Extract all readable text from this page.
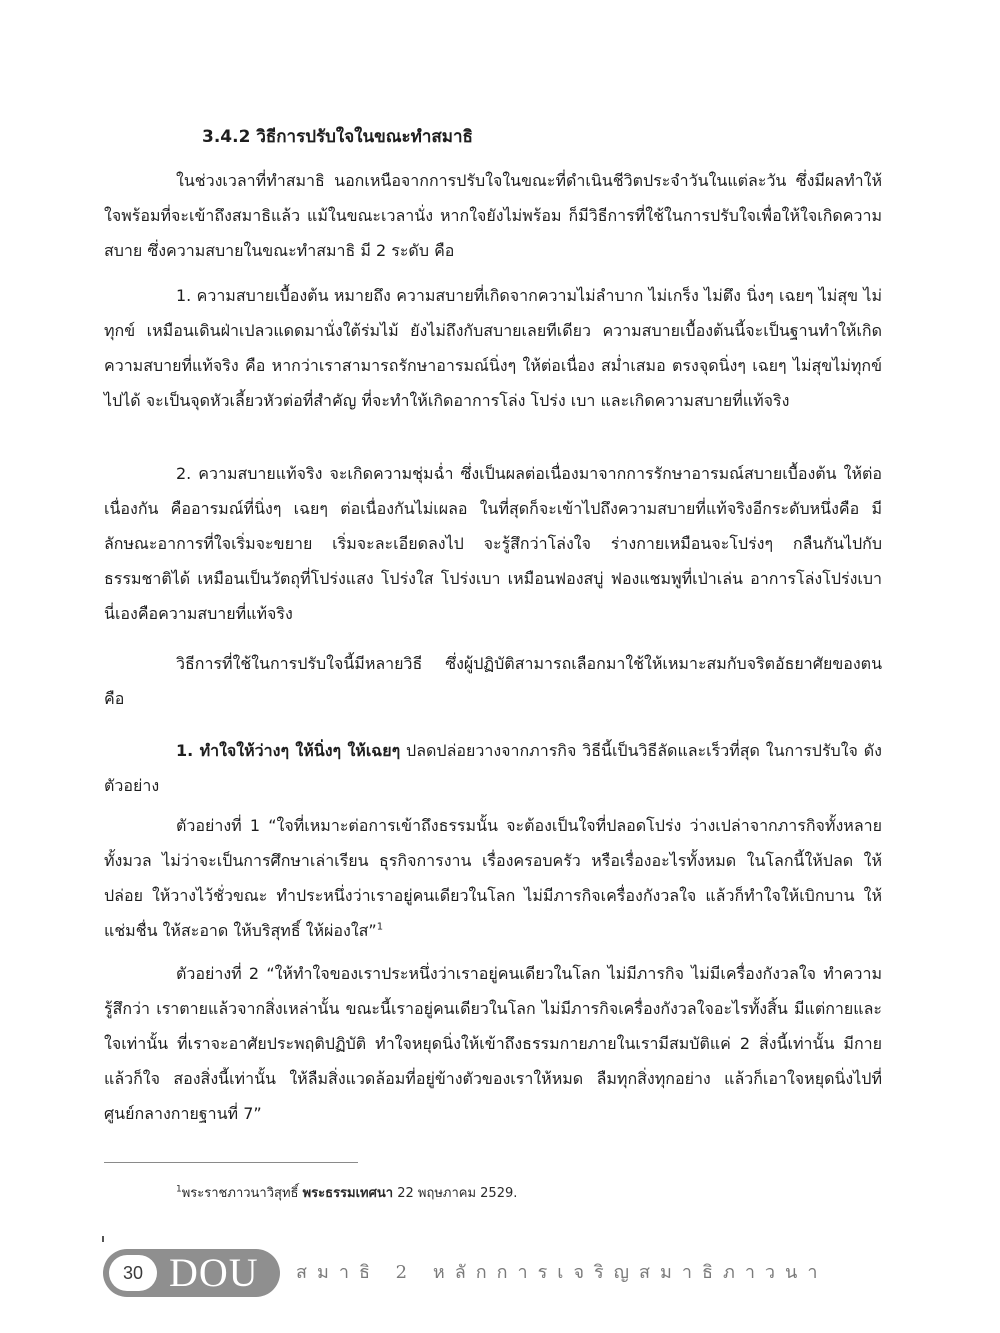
3.4.2 วิธีการปรับใจในขณะทำสมาธิ
ในช่วงเวลาที่ทำสมาธิ นอกเหนือจากการปรับใจในขณะที่ดำเนินชีวิตประจำวันในแต่ละวัน ซึ่งมีผลทำให้ใจพร้อมที่จะเข้าถึงสมาธิแล้ว แม้ในขณะเวลานั่ง หากใจยังไม่พร้อม ก็มีวิธีการที่ใช้ในการปรับใจเพื่อให้ใจเกิดความสบาย ซึ่งความสบายในขณะทำสมาธิ มี 2 ระดับ คือ
1. ความสบายเบื้องต้น หมายถึง ความสบายที่เกิดจากความไม่ลำบาก ไม่เกร็ง ไม่ตึง นิ่งๆ เฉยๆ ไม่สุข ไม่ทุกข์ เหมือนเดินฝ่าเปลวแดดมานั่งใต้ร่มไม้ ยังไม่ถึงกับสบายเลยทีเดียว ความสบายเบื้องต้นนี้จะเป็นฐานทำให้เกิดความสบายที่แท้จริง คือ หากว่าเราสามารถรักษาอารมณ์นิ่งๆ ให้ต่อเนื่อง สม่ำเสมอ ตรงจุดนิ่งๆ เฉยๆ ไม่สุขไม่ทุกข์ไปได้ จะเป็นจุดหัวเลี้ยวหัวต่อที่สำคัญ ที่จะทำให้เกิดอาการโล่ง โปร่ง เบา และเกิดความสบายที่แท้จริง
2. ความสบายแท้จริง จะเกิดความชุ่มฉ่ำ ซึ่งเป็นผลต่อเนื่องมาจากการรักษาอารมณ์สบายเบื้องต้น ให้ต่อเนื่องกัน คืออารมณ์ที่นิ่งๆ เฉยๆ ต่อเนื่องกันไม่เผลอ ในที่สุดก็จะเข้าไปถึงความสบายที่แท้จริงอีกระดับหนึ่งคือ มีลักษณะอาการที่ใจเริ่มจะขยาย เริ่มจะละเอียดลงไป จะรู้สึกว่าโล่งใจ ร่างกายเหมือนจะโปร่งๆ กลืนกันไปกับธรรมชาติได้ เหมือนเป็นวัตถุที่โปร่งแสง โปร่งใส โปร่งเบา เหมือนฟองสบู่ ฟองแชมพูที่เป่าเล่น อาการโล่งโปร่งเบา นี่เองคือความสบายที่แท้จริง
วิธีการที่ใช้ในการปรับใจนี้มีหลายวิธี ซึ่งผู้ปฏิบัติสามารถเลือกมาใช้ให้เหมาะสมกับจริตอัธยาศัยของตน คือ
1. ทำใจให้ว่างๆ ให้นิ่งๆ ให้เฉยๆ ปลดปล่อยวางจากภารกิจ วิธีนี้เป็นวิธีลัดและเร็วที่สุด ในการปรับใจ ดังตัวอย่าง
ตัวอย่างที่ 1 “ใจที่เหมาะต่อการเข้าถึงธรรมนั้น จะต้องเป็นใจที่ปลอดโปร่ง ว่างเปล่าจากภารกิจทั้งหลายทั้งมวล ไม่ว่าจะเป็นการศึกษาเล่าเรียน ธุรกิจการงาน เรื่องครอบครัว หรือเรื่องอะไรทั้งหมด ในโลกนี้ให้ปลด ให้ปล่อย ให้วางไว้ชั่วขณะ ทำประหนึ่งว่าเราอยู่คนเดียวในโลก ไม่มีภารกิจเครื่องกังวลใจ แล้วก็ทำใจให้เบิกบาน ให้แช่มชื่น ให้สะอาด ให้บริสุทธิ์ ให้ผ่องใส”$^1$
ตัวอย่างที่ 2 “ให้ทำใจของเราประหนึ่งว่าเราอยู่คนเดียวในโลก ไม่มีภารกิจ ไม่มีเครื่องกังวลใจ ทำความรู้สึกว่า เราตายแล้วจากสิ่งเหล่านั้น ขณะนี้เราอยู่คนเดียวในโลก ไม่มีภารกิจเครื่องกังวลใจอะไรทั้งสิ้น มีแต่กายและใจเท่านั้น ที่เราจะอาศัยประพฤติปฏิบัติ ทำใจหยุดนิ่งให้เข้าถึงธรรมกายภายในเรามีสมบัติแค่ 2 สิ่งนี้เท่านั้น มีกายแล้วก็ใจ สองสิ่งนี้เท่านั้น ให้ลืมสิ่งแวดล้อมที่อยู่ข้างตัวของเราให้หมด ลืมทุกสิ่งทุกอย่าง แล้วก็เอาใจหยุดนิ่งไปที่ศูนย์กลางกายฐานที่ 7”
$^1$พระราชภาวนาวิสุทธิ์ พระธรรมเทศนา 22 พฤษภาคม 2529.
30 DOU สมาธิ 2 หลักการเจริญสมาธิภาวนา
